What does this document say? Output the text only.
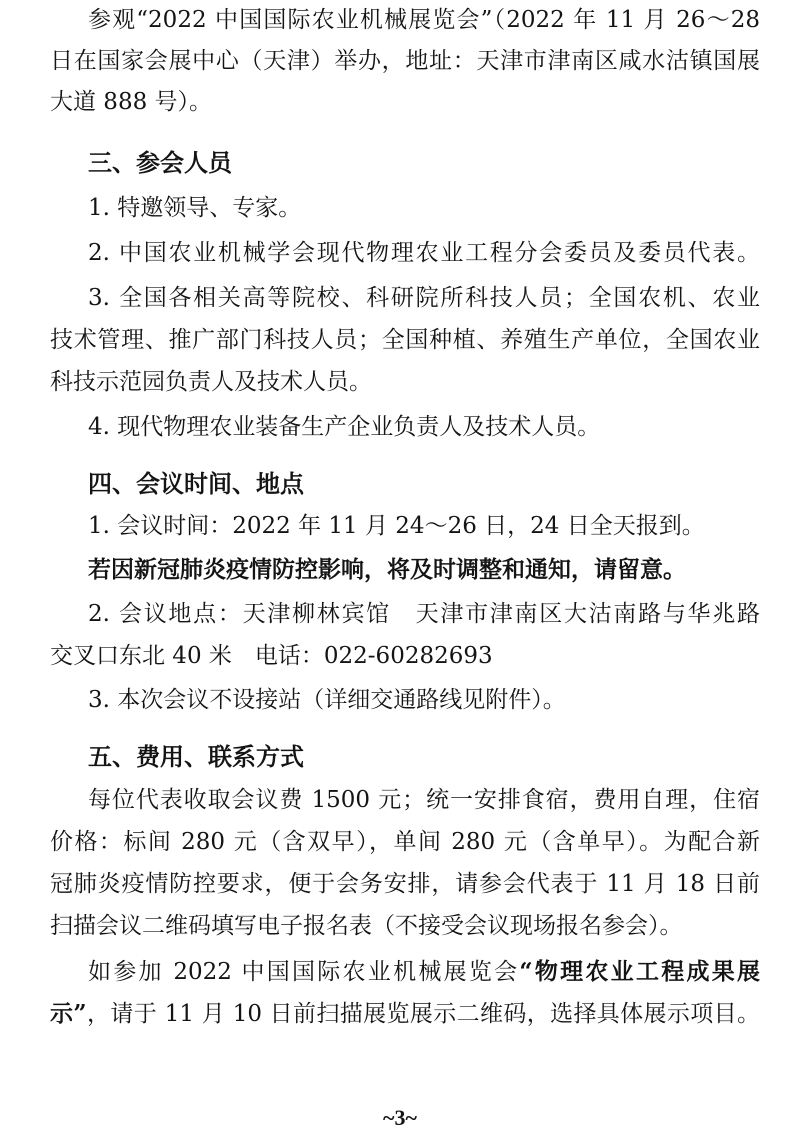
参观“2022 中国国际农业机械展览会”（2022 年 11 月 26～28
日在国家会展中心（天津）举办，地址：天津市津南区咸水沽镇国展
大道 888 号）。
三、参会人员
1. 特邀领导、专家。
2. 中国农业机械学会现代物理农业工程分会委员及委员代表。
3. 全国各相关高等院校、科研院所科技人员；全国农机、农业
技术管理、推广部门科技人员；全国种植、养殖生产单位，全国农业
科技示范园负责人及技术人员。
4. 现代物理农业装备生产企业负责人及技术人员。
四、会议时间、地点
1. 会议时间：2022 年 11 月 24～26 日，24 日全天报到。
若因新冠肺炎疫情防控影响，将及时调整和通知，请留意。
2. 会议地点：天津柳林宾馆　天津市津南区大沽南路与华兆路
交叉口东北 40 米　电话：022-60282693
3. 本次会议不设接站（详细交通路线见附件）。
五、费用、联系方式
每位代表收取会议费 1500 元；统一安排食宿，费用自理，住宿
价格：标间 280 元（含双早），单间 280 元（含单早）。为配合新
冠肺炎疫情防控要求，便于会务安排，请参会代表于 11 月 18 日前
扫描会议二维码填写电子报名表（不接受会议现场报名参会）。
如参加 2022 中国国际农业机械展览会“物理农业工程成果展
示”，请于 11 月 10 日前扫描展览展示二维码，选择具体展示项目。
~3~
